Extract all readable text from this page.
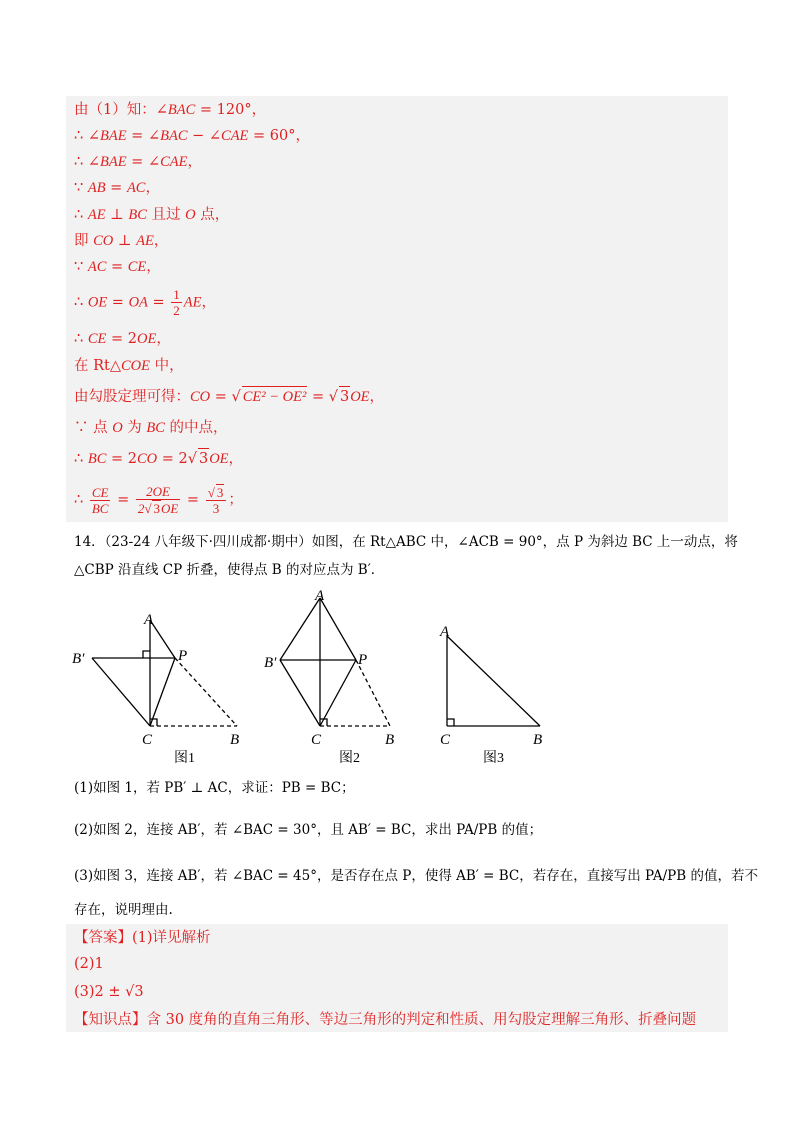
由（1）知：∠BAC = 120°，
∴ ∠BAE = ∠BAC − ∠CAE = 60°，
∴ ∠BAE = ∠CAE，
∵ AB = AC，
∴ AE ⊥ BC 且过 O 点，
即 CO ⊥ AE，
∵ AC = CE，
∴ OE = OA = $\frac{1}{2}$ AE，
∴ CE = 2OE，
在 Rt△COE 中，
由勾股定理可得：CO = √ CE² − OE² = √ 3OE，
∵ 点 O 为 BC 的中点，
∴ BC = 2CO = 2√ 3OE，
∴ $\frac{CE}{BC} = \frac{2OE}{2√ 3OE} = \frac{√ 3}{3}$ ；
14．（23-24 八年级下·四川成都·期中）如图，在 Rt△ABC 中，∠ACB = 90°，点 P 为斜边 BC 上一动点，将
△CBP 沿直线 CP 折叠，使得点 B 的对应点为 B′．
A
B′	P
C	B
A
B′	P
C	B
A
C	B
图1	图2	图3
(1)如图 1，若 PB′ ⊥ AC，求证：PB = BC；
(2)如图 2，连接 AB′，若 ∠BAC = 30°，且 AB′ = BC，求出 PA/PB 的值；
(3)如图 3，连接 AB′，若 ∠BAC = 45°，是否存在点 P，使得 AB′ = BC，若存在，直接写出 PA/PB 的值，若不
存在，说明理由.
【答案】(1)详见解析
(2)1
(3)2 ± √3
【知识点】含 30 度角的直角三角形、等边三角形的判定和性质、用勾股定理解三角形、折叠问题
